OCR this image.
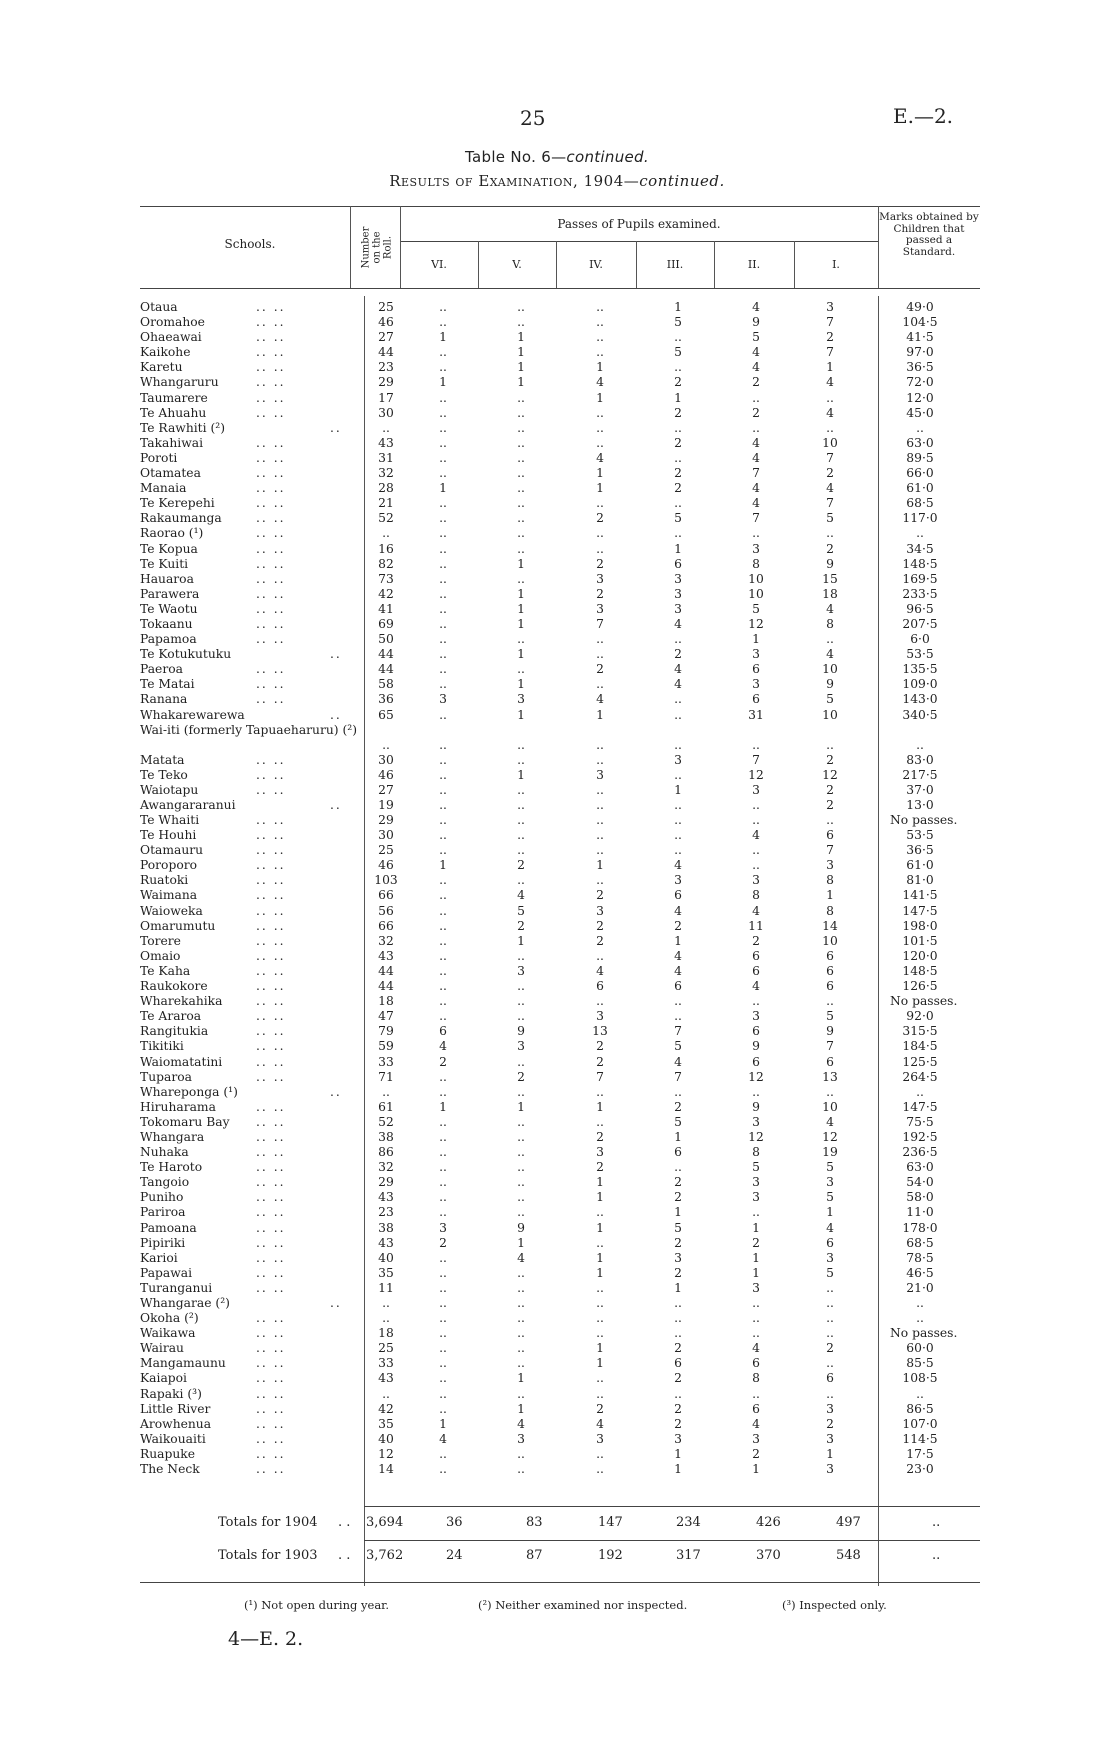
25	E.—2.
Table No. 6—continued.
Results of Examination, 1904—continued.
Schools.	Number on the Roll.
Passes of Pupils examined.
VI.	V.	IV.	III.	II.	I.
Marks obtained by Children that passed a Standard.
Otaua	.. ..	25	..	..	..	1	4	3	49·0
Oromahoe	.. ..	46	..	..	..	5	9	7	104·5
Ohaeawai	.. ..	27	1	1	..	..	5	2	41·5
Kaikohe	.. ..	44	..	1	..	5	4	7	97·0
Karetu	.. ..	23	..	1	1	..	4	1	36·5
Whangaruru	.. ..	29	1	1	4	2	2	4	72·0
Taumarere	.. ..	17	..	..	1	1	..	..	12·0
Te Ahuahu	.. ..	30	..	..	..	2	2	4	45·0
Te Rawhiti (²)	..	..	..	..	..	..	..	..	..
Takahiwai	.. ..	43	..	..	..	2	4	10	63·0
Poroti	.. ..	31	..	..	4	..	4	7	89·5
Otamatea	.. ..	32	..	..	1	2	7	2	66·0
Manaia	.. ..	28	1	..	1	2	4	4	61·0
Te Kerepehi	.. ..	21	..	..	..	..	4	7	68·5
Rakaumanga	.. ..	52	..	..	2	5	7	5	117·0
Raorao (¹)	.. ..	..	..	..	..	..	..	..	..
Te Kopua	.. ..	16	..	..	..	1	3	2	34·5
Te Kuiti	.. ..	82	..	1	2	6	8	9	148·5
Hauaroa	.. ..	73	..	..	3	3	10	15	169·5
Parawera	.. ..	42	..	1	2	3	10	18	233·5
Te Waotu	.. ..	41	..	1	3	3	5	4	96·5
Tokaanu	.. ..	69	..	1	7	4	12	8	207·5
Papamoa	.. ..	50	..	..	..	..	1	..	6·0
Te Kotukutuku	..	44	..	1	..	2	3	4	53·5
Paeroa	.. ..	44	..	..	2	4	6	10	135·5
Te Matai	.. ..	58	..	1	..	4	3	9	109·0
Ranana	.. ..	36	3	3	4	..	6	5	143·0
Whakarewarewa	..	65	..	1	1	..	31	10	340·5
Wai-iti (formerly Tapuaeharuru) (²)
..	..	..	..	..	..	..	..
Matata	.. ..	30	..	..	..	3	7	2	83·0
Te Teko	.. ..	46	..	1	3	..	12	12	217·5
Waiotapu	.. ..	27	..	..	..	1	3	2	37·0
Awangararanui	..	19	..	..	..	..	..	2	13·0
Te Whaiti	.. ..	29	..	..	..	..	..	..	No passes.
Te Houhi	.. ..	30	..	..	..	..	4	6	53·5
Otamauru	.. ..	25	..	..	..	..	..	7	36·5
Poroporo	.. ..	46	1	2	1	4	..	3	61·0
Ruatoki	.. ..	103	..	..	..	3	3	8	81·0
Waimana	.. ..	66	..	4	2	6	8	1	141·5
Waioweka	.. ..	56	..	5	3	4	4	8	147·5
Omarumutu	.. ..	66	..	2	2	2	11	14	198·0
Torere	.. ..	32	..	1	2	1	2	10	101·5
Omaio	.. ..	43	..	..	..	4	6	6	120·0
Te Kaha	.. ..	44	..	3	4	4	6	6	148·5
Raukokore	.. ..	44	..	..	6	6	4	6	126·5
Wharekahika	.. ..	18	..	..	..	..	..	..	No passes.
Te Araroa	.. ..	47	..	..	3	..	3	5	92·0
Rangitukia	.. ..	79	6	9	13	7	6	9	315·5
Tikitiki	.. ..	59	4	3	2	5	9	7	184·5
Waiomatatini	.. ..	33	2	..	2	4	6	6	125·5
Tuparoa	.. ..	71	..	2	7	7	12	13	264·5
Whareponga (¹)	..	..	..	..	..	..	..	..	..
Hiruharama	.. ..	61	1	1	1	2	9	10	147·5
Tokomaru Bay .. ..	52	..	..	..	5	3	4	75·5
Whangara	.. ..	38	..	..	2	1	12	12	192·5
Nuhaka	.. ..	86	..	..	3	6	8	19	236·5
Te Haroto	.. ..	32	..	..	2	..	5	5	63·0
Tangoio	.. ..	29	..	..	1	2	3	3	54·0
Puniho	.. ..	43	..	..	1	2	3	5	58·0
Pariroa	.. ..	23	..	..	..	1	..	1	11·0
Pamoana	.. ..	38	3	9	1	5	1	4	178·0
Pipiriki	.. ..	43	2	1	..	2	2	6	68·5
Karioi	.. ..	40	..	4	1	3	1	3	78·5
Papawai	.. ..	35	..	..	1	2	1	5	46·5
Turanganui	.. ..	11	..	..	..	1	3	..	21·0
Whangarae (²)	..	..	..	..	..	..	..	..	..
Okoha (²)	.. ..	..	..	..	..	..	..	..	..
Waikawa	.. ..	18	..	..	..	..	..	..	No passes.
Wairau	.. ..	25	..	..	1	2	4	2	60·0
Mangamaunu .. ..	33	..	..	1	6	6	..	85·5
Kaiapoi	.. ..	43	..	1	..	2	8	6	108·5
Rapaki (³)	.. ..	..	..	..	..	..	..	..	..
Little River	.. ..	42	..	1	2	2	6	3	86·5
Arowhenua	.. ..	35	1	4	4	2	4	2	107·0
Waikouaiti	.. ..	40	4	3	3	3	3	3	114·5
Ruapuke	.. ..	12	..	..	..	1	2	1	17·5
The Neck	.. ..	14	..	..	..	1	1	3	23·0
Totals for 1904 . . 3,694	36	83	147	234	426	497	..
Totals for 1903 . . 3,762	24	87	192	317	370	548	..
(¹) Not open during year.	(²) Neither examined nor inspected.	(³) Inspected only.
4—E. 2.
